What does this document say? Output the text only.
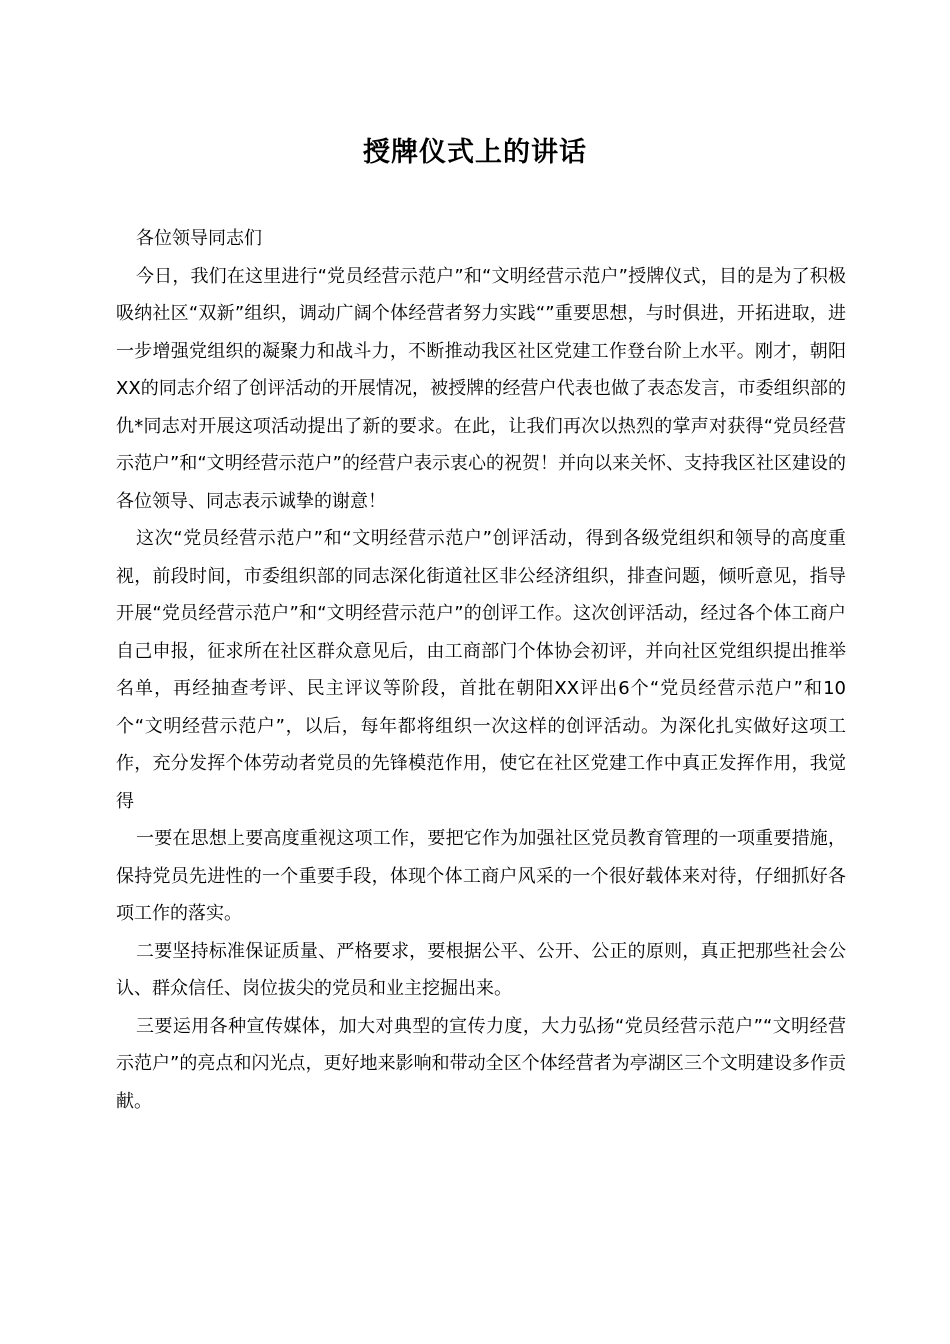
授牌仪式上的讲话

各位领导同志们

今日，我们在这里进行“党员经营示范户”和“文明经营示范户”授牌仪式，目的是为了积极吸纳社区“双新”组织，调动广阔个体经营者努力实践“”重要思想，与时俱进，开拓进取，进一步增强党组织的凝聚力和战斗力，不断推动我区社区党建工作登台阶上水平。刚才，朝阳XX的同志介绍了创评活动的开展情况，被授牌的经营户代表也做了表态发言，市委组织部的仇*同志对开展这项活动提出了新的要求。在此，让我们再次以热烈的掌声对获得“党员经营示范户”和“文明经营示范户”的经营户表示衷心的祝贺！并向以来关怀、支持我区社区建设的各位领导、同志表示诚挚的谢意！

这次“党员经营示范户”和“文明经营示范户”创评活动，得到各级党组织和领导的高度重视，前段时间，市委组织部的同志深化街道社区非公经济组织，排查问题，倾听意见，指导开展“党员经营示范户”和“文明经营示范户”的创评工作。这次创评活动，经过各个体工商户自己申报，征求所在社区群众意见后，由工商部门个体协会初评，并向社区党组织提出推举名单，再经抽查考评、民主评议等阶段，首批在朝阳XX评出6个“党员经营示范户”和10个“文明经营示范户”，以后，每年都将组织一次这样的创评活动。为深化扎实做好这项工作，充分发挥个体劳动者党员的先锋模范作用，使它在社区党建工作中真正发挥作用，我觉得

一要在思想上要高度重视这项工作，要把它作为加强社区党员教育管理的一项重要措施，保持党员先进性的一个重要手段，体现个体工商户风采的一个很好载体来对待，仔细抓好各项工作的落实。

二要坚持标准保证质量、严格要求，要根据公平、公开、公正的原则，真正把那些社会公认、群众信任、岗位拔尖的党员和业主挖掘出来。

三要运用各种宣传媒体，加大对典型的宣传力度，大力弘扬“党员经营示范户”“文明经营示范户”的亮点和闪光点，更好地来影响和带动全区个体经营者为亭湖区三个文明建设多作贡献。
